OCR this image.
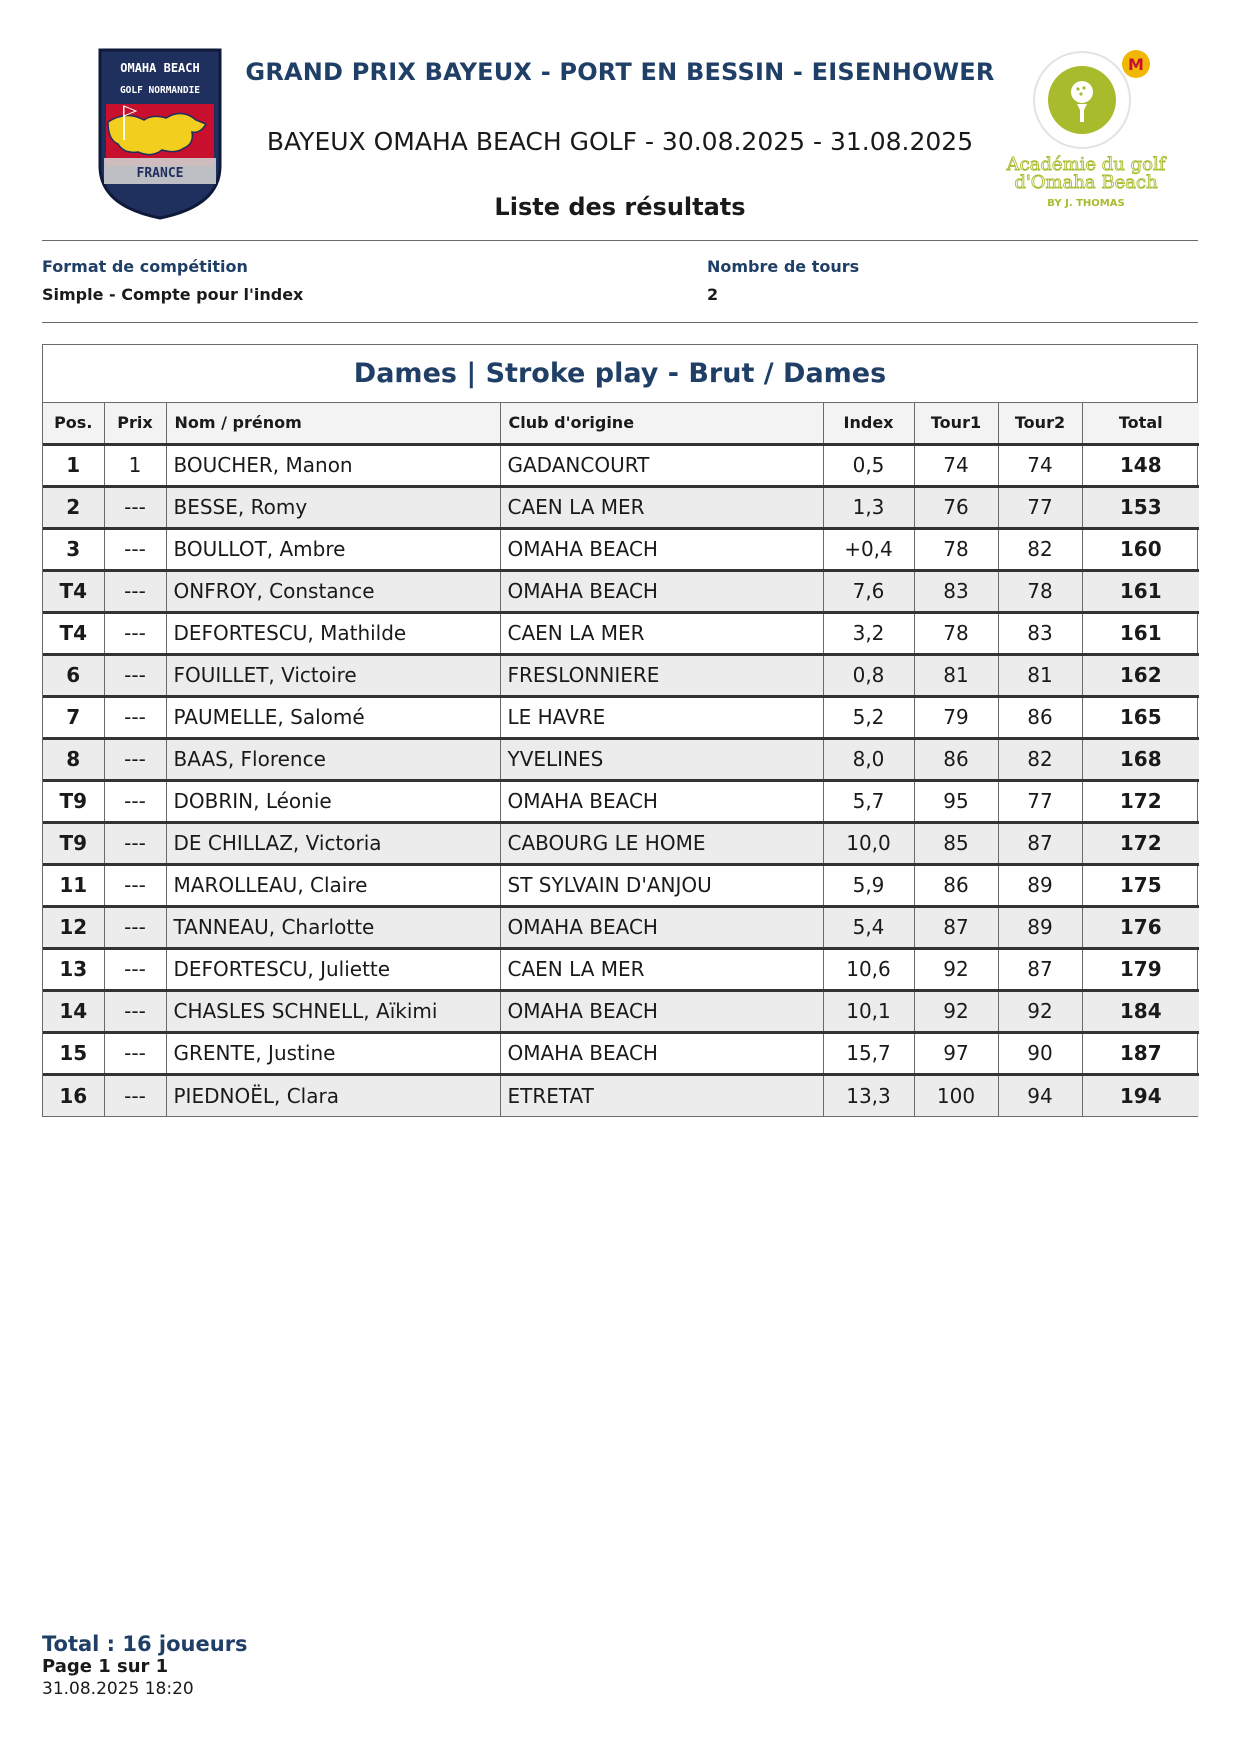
OMAHA BEACH
GOLF NORMANDIE
FRANCE
M
Académie du golf
d'Omaha Beach
BY J. THOMAS
GRAND PRIX BAYEUX - PORT EN BESSIN - EISENHOWER
BAYEUX OMAHA BEACH GOLF - 30.08.2025 - 31.08.2025
Liste des résultats
Format de compétition
Simple - Compte pour l'index
Nombre de tours
2
Dames | Stroke play - Brut / Dames
Pos.	Prix	Nom / prénom	Club d'origine	Index	Tour1	Tour2	Total
1	1	BOUCHER, Manon	GADANCOURT	0,5	74	74	148
2	---	BESSE, Romy	CAEN LA MER	1,3	76	77	153
3	---	BOULLOT, Ambre	OMAHA BEACH	+0,4	78	82	160
T4	---	ONFROY, Constance	OMAHA BEACH	7,6	83	78	161
T4	---	DEFORTESCU, Mathilde	CAEN LA MER	3,2	78	83	161
6	---	FOUILLET, Victoire	FRESLONNIERE	0,8	81	81	162
7	---	PAUMELLE, Salomé	LE HAVRE	5,2	79	86	165
8	---	BAAS, Florence	YVELINES	8,0	86	82	168
T9	---	DOBRIN, Léonie	OMAHA BEACH	5,7	95	77	172
T9	---	DE CHILLAZ, Victoria	CABOURG LE HOME	10,0	85	87	172
11	---	MAROLLEAU, Claire	ST SYLVAIN D'ANJOU	5,9	86	89	175
12	---	TANNEAU, Charlotte	OMAHA BEACH	5,4	87	89	176
13	---	DEFORTESCU, Juliette	CAEN LA MER	10,6	92	87	179
14	---	CHASLES SCHNELL, Aïkimi	OMAHA BEACH	10,1	92	92	184
15	---	GRENTE, Justine	OMAHA BEACH	15,7	97	90	187
16	---	PIEDNOËL, Clara	ETRETAT	13,3	100	94	194
Total : 16 joueurs
Page 1 sur 1
31.08.2025 18:20
